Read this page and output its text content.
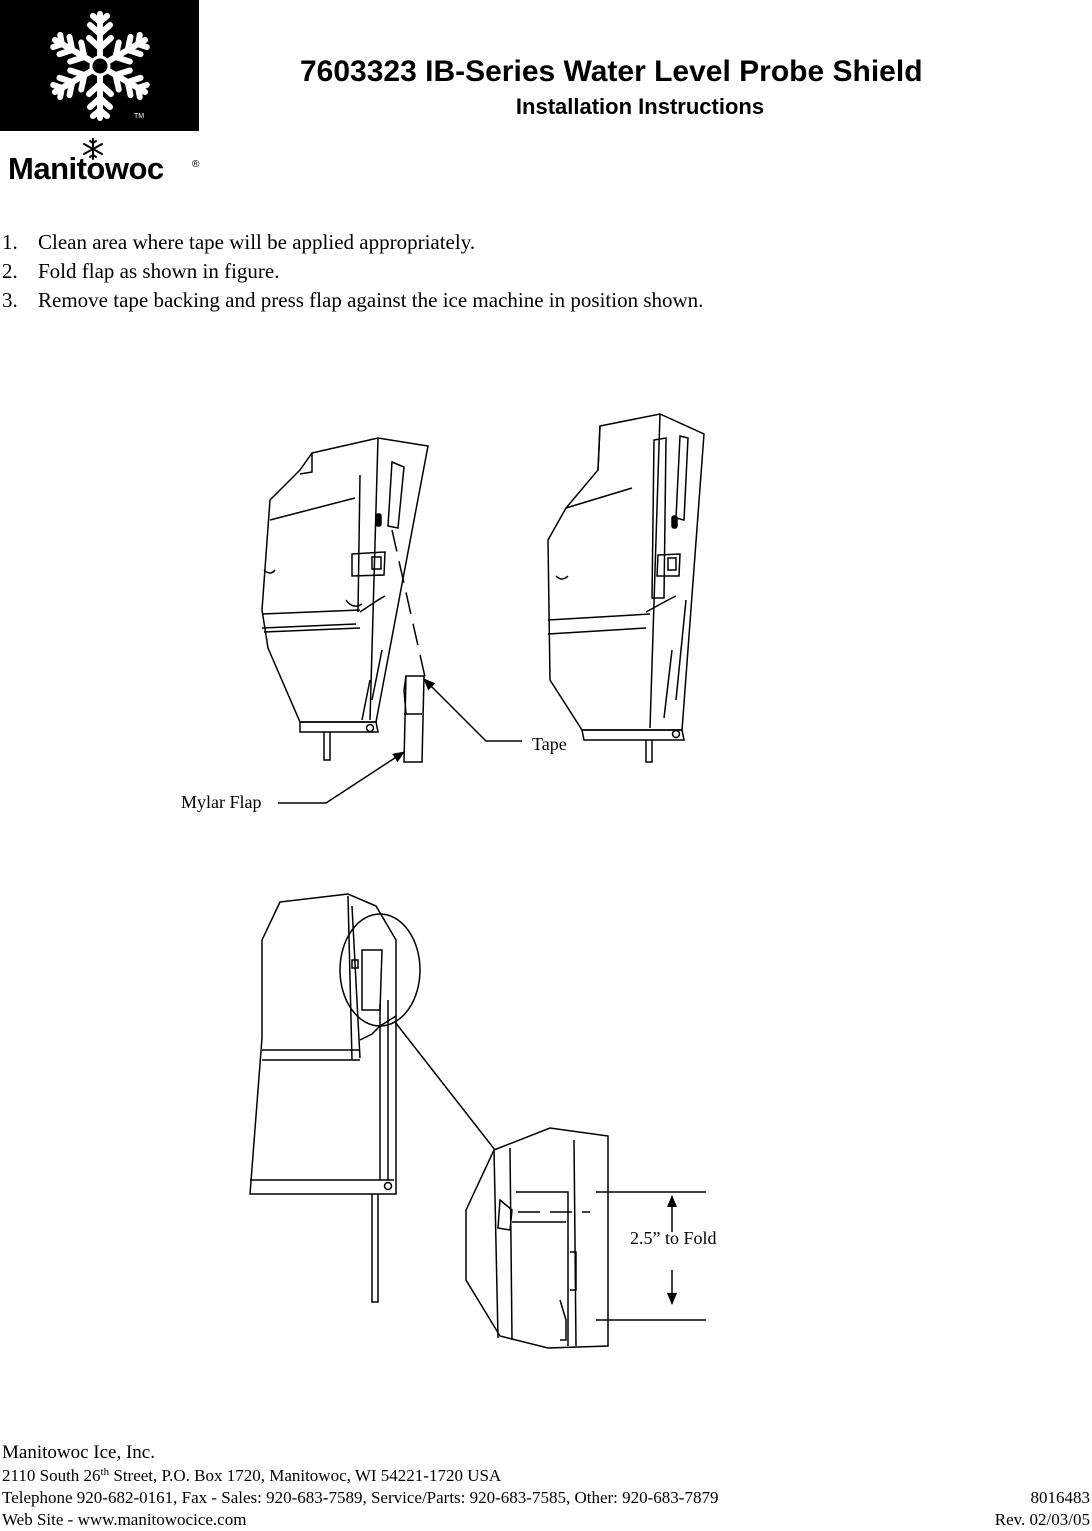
TM
Manitowoc	®
7603323 IB-Series Water Level Probe Shield
Installation Instructions
1. Clean area where tape will be applied appropriately.
2. Fold flap as shown in figure.
3. Remove tape backing and press flap against the ice machine in position shown.
Tape
Mylar Flap
2.5” to Fold
Manitowoc Ice, Inc.
2110 South 26th Street, P.O. Box 1720, Manitowoc, WI 54221-1720 USA
Telephone 920-682-0161, Fax - Sales: 920-683-7589, Service/Parts: 920-683-7585, Other: 920-683-7879	8016483
Web Site - www.manitowocice.com	Rev. 02/03/05
